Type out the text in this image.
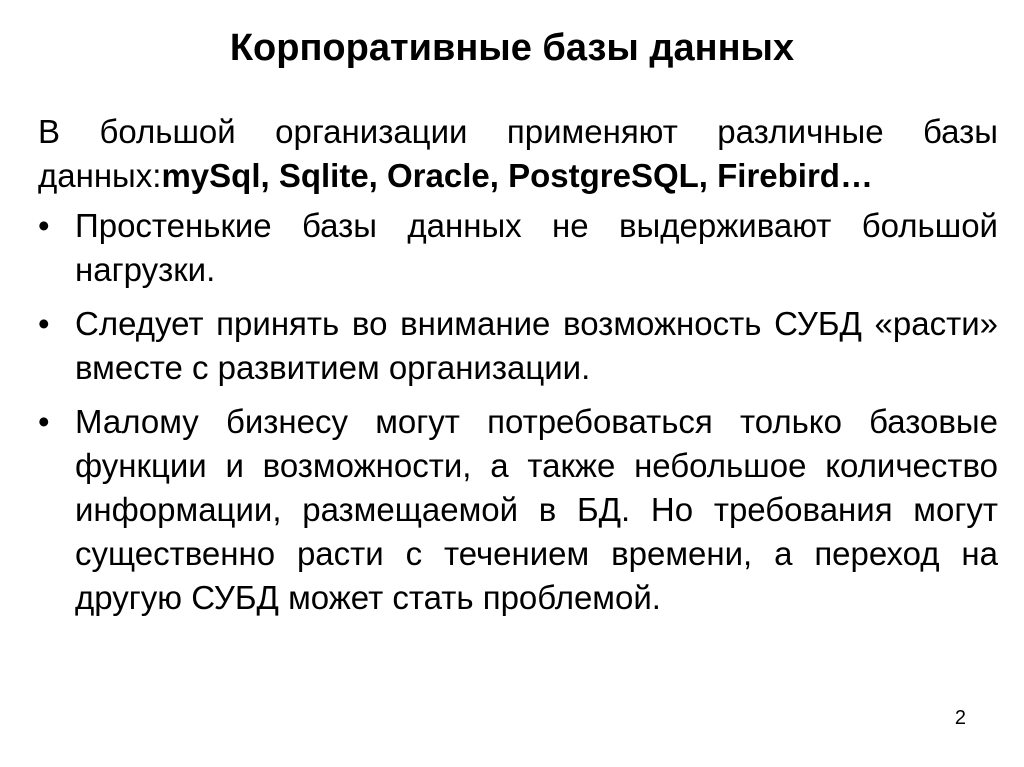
Корпоративные базы данных

В большой организации применяют различные базы данных:mySql, Sqlite, Oracle, PostgreSQL, Firebird…

• Простенькие базы данных не выдерживают большой нагрузки.
• Следует принять во внимание возможность СУБД «расти» вместе с развитием организации.
• Малому бизнесу могут потребоваться только базовые функции и возможности, а также небольшое количество информации, размещаемой в БД. Но требования могут существенно расти с течением времени, а переход на другую СУБД может стать проблемой.
2
